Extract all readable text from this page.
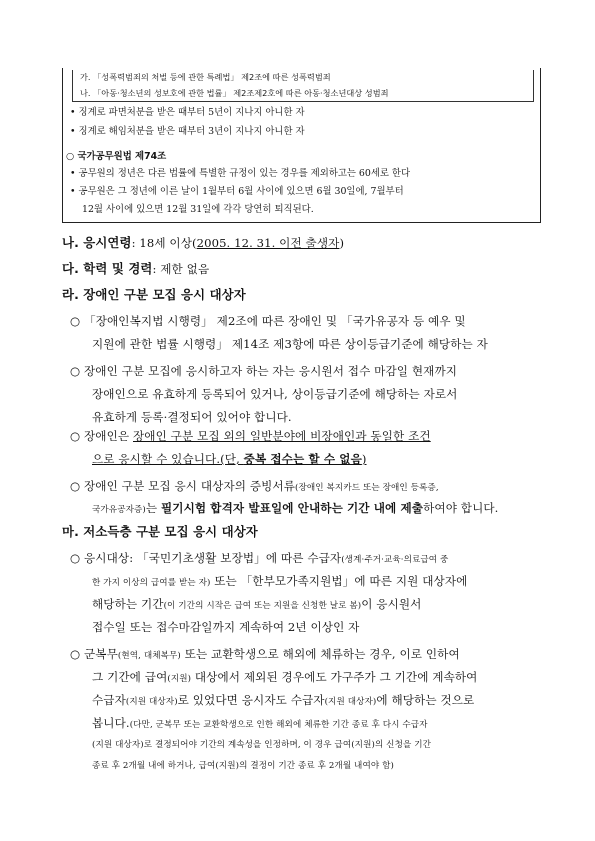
가. 「성폭력범죄의 처벌 등에 관한 특례법」 제2조에 따른 성폭력범죄
나. 「아동·청소년의 성보호에 관한 법률」 제2조제2호에 따른 아동·청소년대상 성범죄
• 징계로 파면처분을 받은 때부터 5년이 지나지 아니한 자
• 징계로 해임처분을 받은 때부터 3년이 지나지 아니한 자
○ 국가공무원법 제74조
• 공무원의 정년은 다른 법률에 특별한 규정이 있는 경우를 제외하고는 60세로 한다
• 공무원은 그 정년에 이른 날이 1월부터 6월 사이에 있으면 6월 30일에, 7월부터
12월 사이에 있으면 12월 31일에 각각 당연히 퇴직된다.
나. 응시연령: 18세 이상(2005. 12. 31. 이전 출생자)
다. 학력 및 경력: 제한 없음
라. 장애인 구분 모집 응시 대상자
○ 「장애인복지법 시행령」 제2조에 따른 장애인 및 「국가유공자 등 예우 및
지원에 관한 법률 시행령」 제14조 제3항에 따른 상이등급기준에 해당하는 자
○ 장애인 구분 모집에 응시하고자 하는 자는 응시원서 접수 마감일 현재까지
장애인으로 유효하게 등록되어 있거나, 상이등급기준에 해당하는 자로서
유효하게 등록·결정되어 있어야 합니다.
○ 장애인은 장애인 구분 모집 외의 일반분야에 비장애인과 동일한 조건
으로 응시할 수 있습니다.(단, 중복 접수는 할 수 없음)
○ 장애인 구분 모집 응시 대상자의 증빙서류(장애인 복지카드 또는 장애인 등록증,
국가유공자증)는 필기시험 합격자 발표일에 안내하는 기간 내에 제출하여야 합니다.
마. 저소득층 구분 모집 응시 대상자
○ 응시대상: 「국민기초생활 보장법」에 따른 수급자(생계·주거·교육·의료급여 중
한 가지 이상의 급여를 받는 자) 또는 「한부모가족지원법」에 따른 지원 대상자에
해당하는 기간(이 기간의 시작은 급여 또는 지원을 신청한 날로 봄)이 응시원서
접수일 또는 접수마감일까지 계속하여 2년 이상인 자
○ 군복무(현역, 대체복무) 또는 교환학생으로 해외에 체류하는 경우, 이로 인하여
그 기간에 급여(지원) 대상에서 제외된 경우에도 가구주가 그 기간에 계속하여
수급자(지원 대상자)로 있었다면 응시자도 수급자(지원 대상자)에 해당하는 것으로
봅니다.(다만, 군복무 또는 교환학생으로 인한 해외에 체류한 기간 종료 후 다시 수급자
(지원 대상자)로 결정되어야 기간의 계속성을 인정하며, 이 경우 급여(지원)의 신청을 기간
종료 후 2개월 내에 하거나, 급여(지원)의 결정이 기간 종료 후 2개월 내여야 함)
